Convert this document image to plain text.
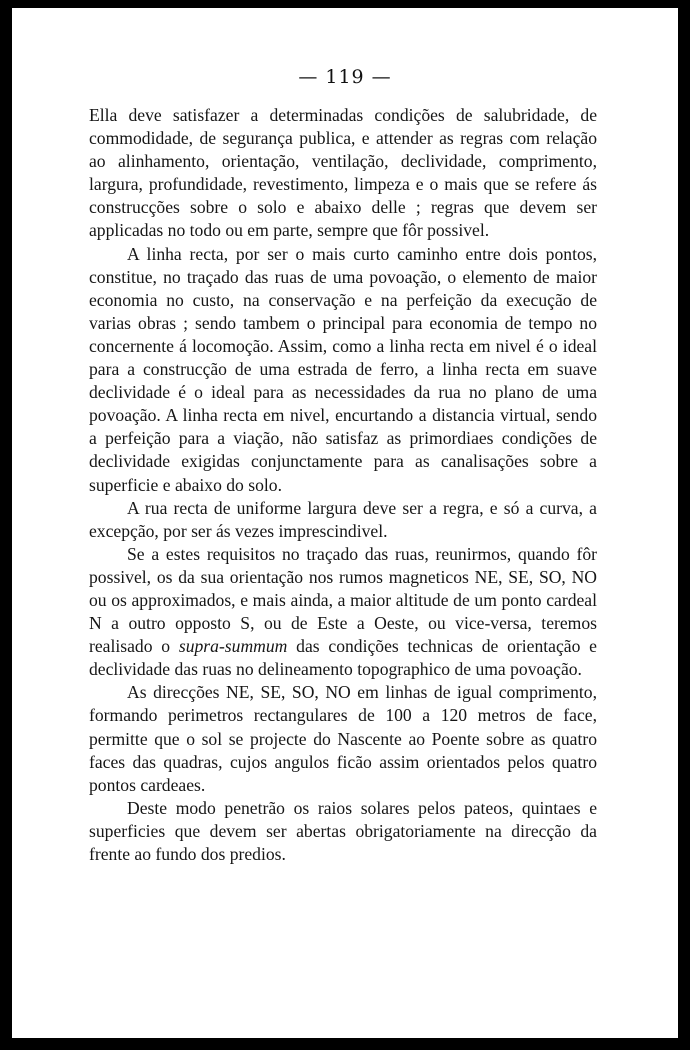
— 119 —

Ella deve satisfazer a determinadas condições de salubridade, de commodidade, de segurança publica, e attender as regras com relação ao alinhamento, orientação, ventilação, declividade, comprimento, largura, profundidade, revestimento, limpeza e o mais que se refere ás construcções sobre o solo e abaixo delle ; regras que devem ser applicadas no todo ou em parte, sempre que fôr possivel.

A linha recta, por ser o mais curto caminho entre dois pontos, constitue, no traçado das ruas de uma povoação, o elemento de maior economia no custo, na conservação e na perfeição da execução de varias obras ; sendo tambem o principal para economia de tempo no concernente á locomoção. Assim, como a linha recta em nivel é o ideal para a construcção de uma estrada de ferro, a linha recta em suave declividade é o ideal para as necessidades da rua no plano de uma povoação. A linha recta em nivel, encurtando a distancia virtual, sendo a perfeição para a viação, não satisfaz as primordiaes condições de declividade exigidas conjunctamente para as canalisações sobre a superficie e abaixo do solo.

A rua recta de uniforme largura deve ser a regra, e só a curva, a excepção, por ser ás vezes imprescindivel.

Se a estes requisitos no traçado das ruas, reunirmos, quando fôr possivel, os da sua orientação nos rumos magneticos NE, SE, SO, NO ou os approximados, e mais ainda, a maior altitude de um ponto cardeal N a outro opposto S, ou de Este a Oeste, ou vice-versa, teremos realisado o supra-summum das condições technicas de orientação e declividade das ruas no delineamento topographico de uma povoação.

As direcções NE, SE, SO, NO em linhas de igual comprimento, formando perimetros rectangulares de 100 a 120 metros de face, permitte que o sol se projecte do Nascente ao Poente sobre as quatro faces das quadras, cujos angulos ficão assim orientados pelos quatro pontos cardeaes.

Deste modo penetrão os raios solares pelos pateos, quintaes e superficies que devem ser abertas obrigatoriamente na direcção da frente ao fundo dos predios.
